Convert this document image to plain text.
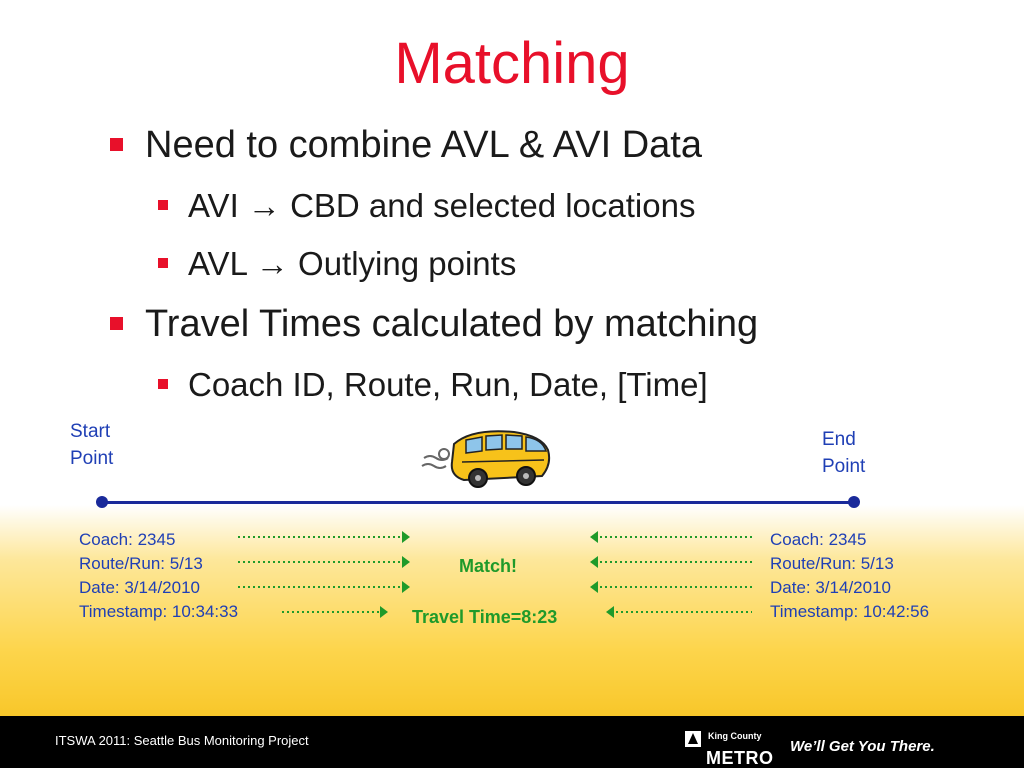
Matching
Need to combine AVL & AVI Data
AVI → CBD and selected locations
AVL → Outlying points
Travel Times calculated by matching
Coach ID, Route, Run, Date, [Time]
Start
Point
End
Point
Coach: 2345
Route/Run: 5/13
Date: 3/14/2010
Timestamp: 10:34:33
Coach: 2345
Route/Run: 5/13
Date: 3/14/2010
Timestamp: 10:42:56
Match!
Travel Time=8:23
ITSWA 2011: Seattle Bus Monitoring Project	King County
METRO
We’ll Get You There.
